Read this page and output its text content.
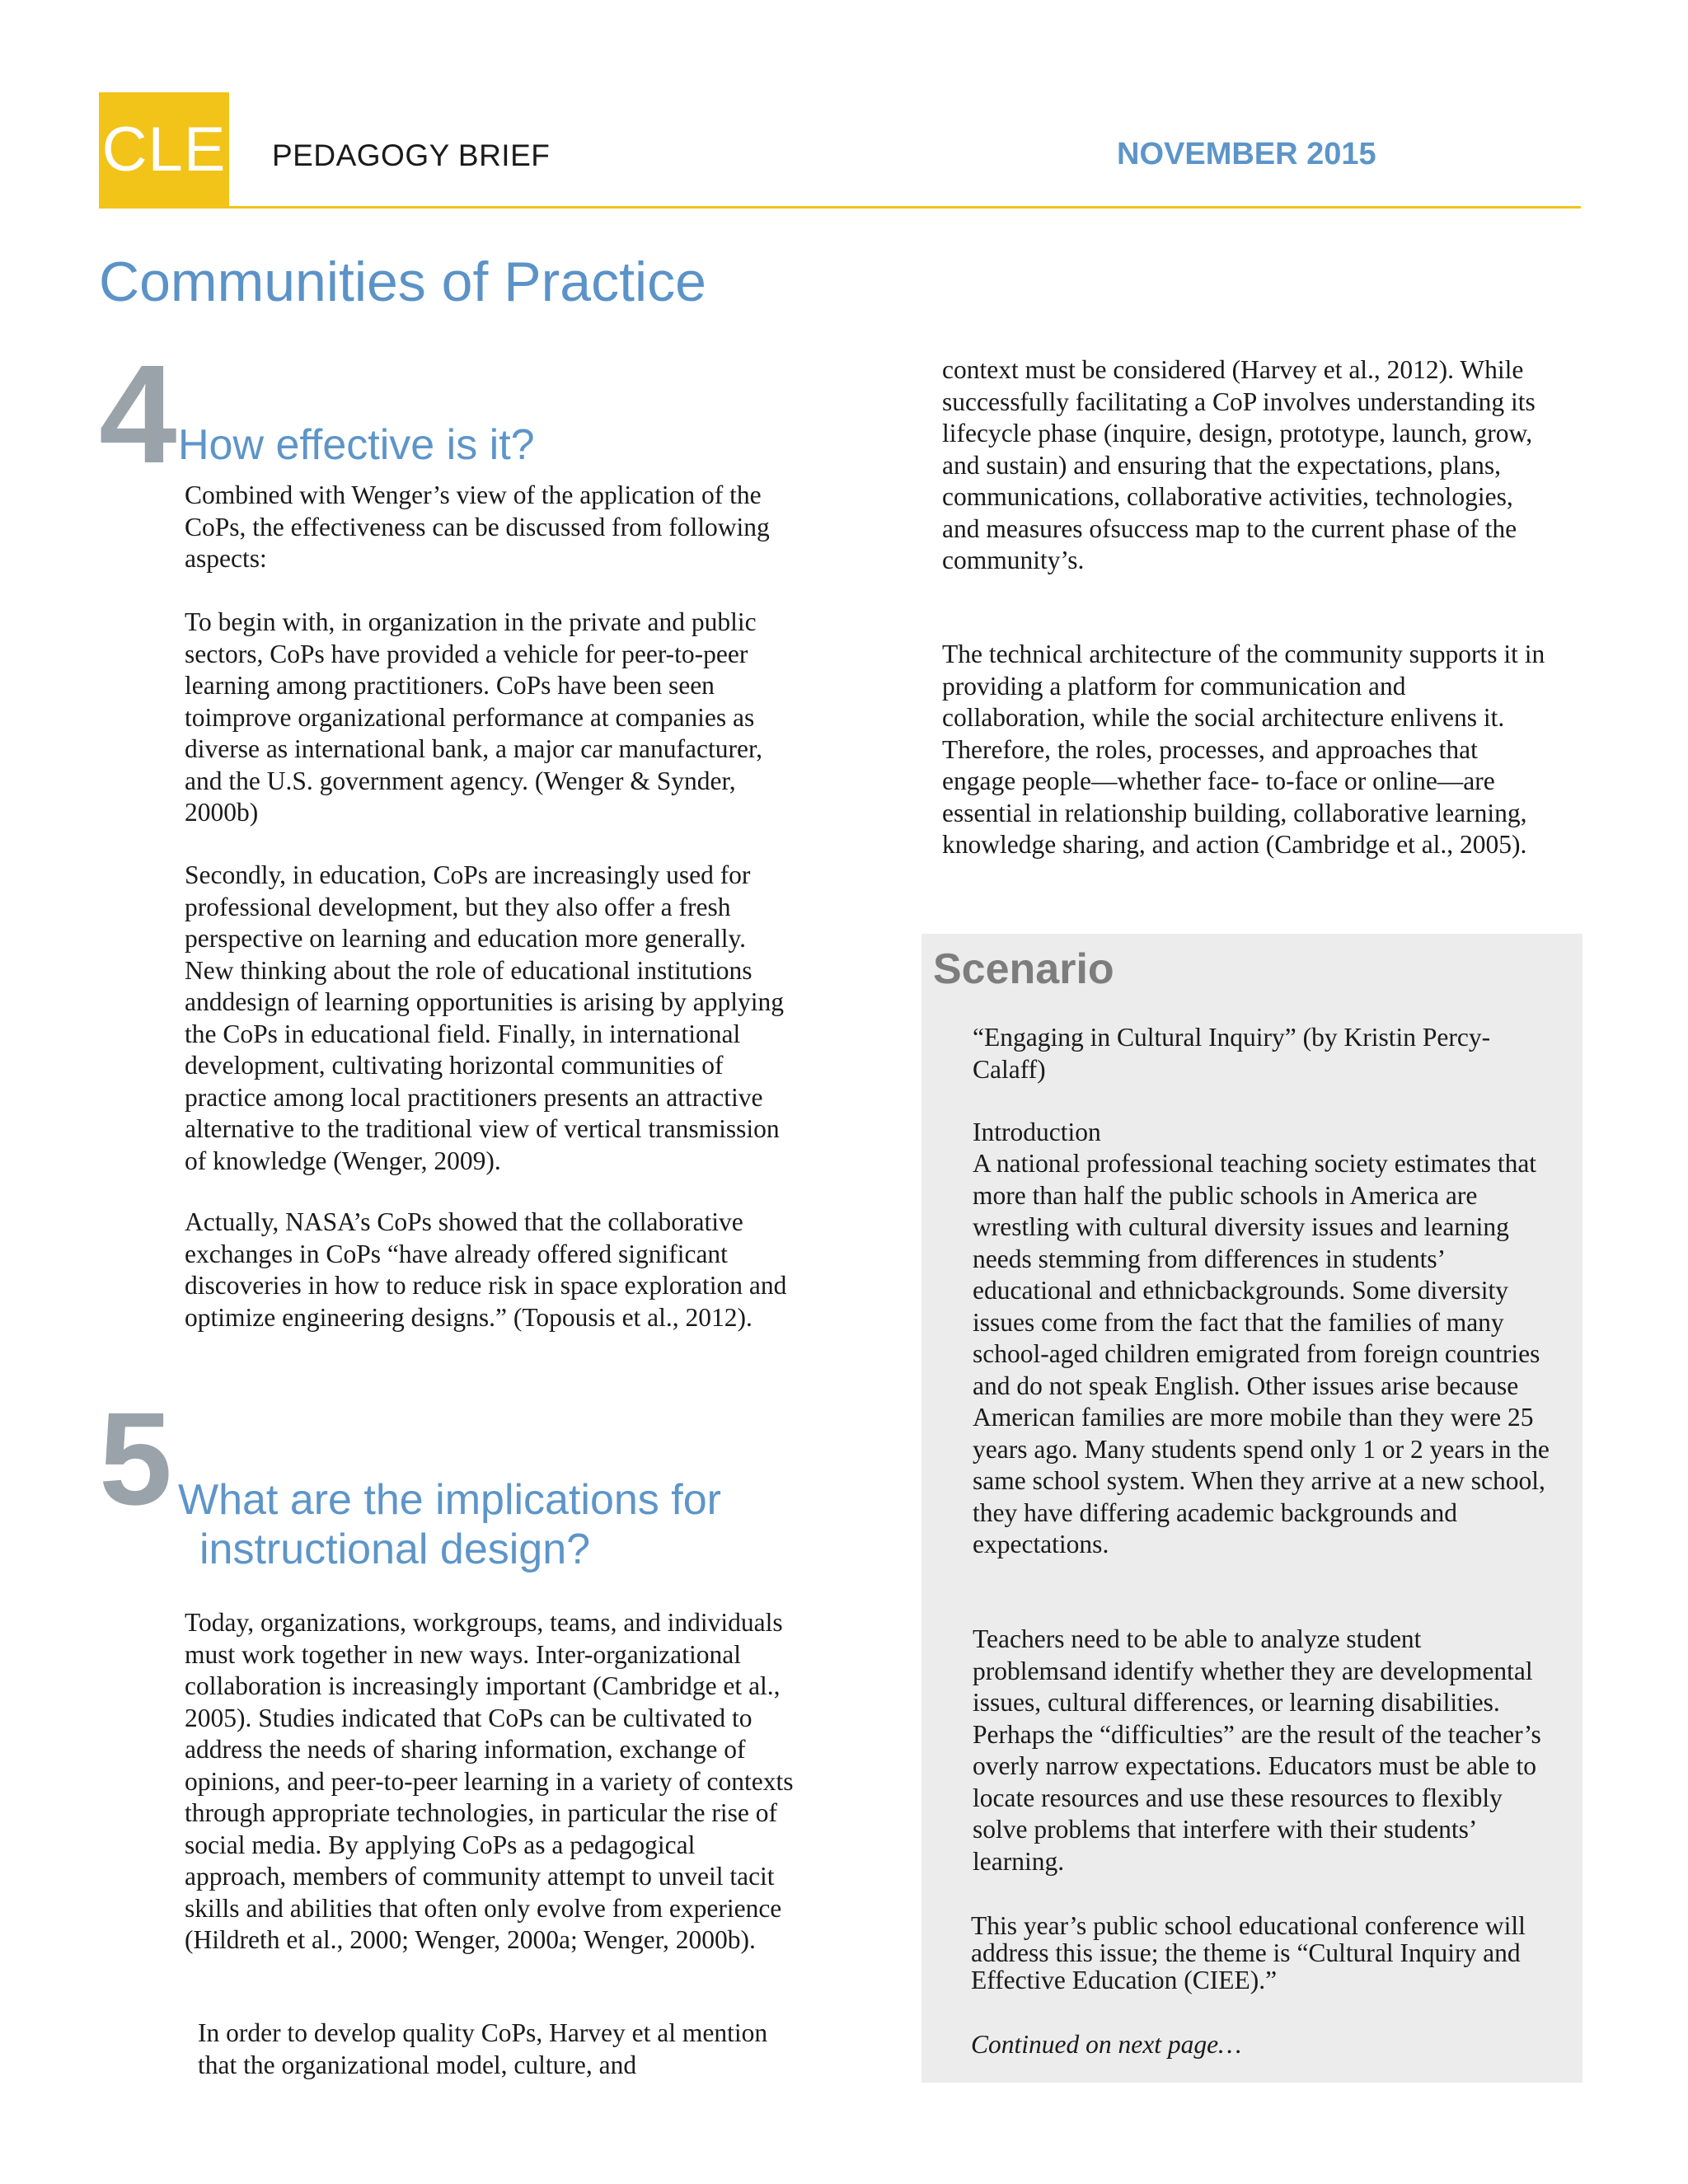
CLE PEDAGOGY BRIEF	NOVEMBER 2015
Communities of Practice
4 How effective is it?

Combined with Wenger’s view of the application of the CoPs, the effectiveness can be discussed from following aspects:

To begin with, in organization in the private and public sectors, CoPs have provided a vehicle for peer-to-peer learning among practitioners. CoPs have been seen toimprove organizational performance at companies as diverse as international bank, a major car manufacturer, and the U.S. government agency. (Wenger & Synder, 2000b)

Secondly, in education, CoPs are increasingly used for professional development, but they also offer a fresh perspective on learning and education more generally. New thinking about the role of educational institutions anddesign of learning opportunities is arising by applying the CoPs in educational field. Finally, in international development, cultivating horizontal communities of practice among local practitioners presents an attractive alternative to the traditional view of vertical transmission of knowledge (Wenger, 2009).

Actually, NASA’s CoPs showed that the collaborative exchanges in CoPs “have already offered significant discoveries in how to reduce risk in space exploration and optimize engineering designs.” (Topousis et al., 2012).

5 What are the implications for
instructional design?

Today, organizations, workgroups, teams, and individuals must work together in new ways. Inter-organizational collaboration is increasingly important (Cambridge et al., 2005). Studies indicated that CoPs can be cultivated to address the needs of sharing information, exchange of opinions, and peer-to-peer learning in a variety of contexts through appropriate technologies, in particular the rise of social media. By applying CoPs as a pedagogical approach, members of community attempt to unveil tacit skills and abilities that often only evolve from experience (Hildreth et al., 2000; Wenger, 2000a; Wenger, 2000b).

In order to develop quality CoPs, Harvey et al mention that the organizational model, culture, and

context must be considered (Harvey et al., 2012). While successfully facilitating a CoP involves understanding its lifecycle phase (inquire, design, prototype, launch, grow, and sustain) and ensuring that the expectations, plans, communications, collaborative activities, technologies, and measures ofsuccess map to the current phase of the community’s.

The technical architecture of the community supports it in providing a platform for communication and collaboration, while the social architecture enlivens it. Therefore, the roles, processes, and approaches that engage people—whether face- to-face or online—are essential in relationship building, collaborative learning, knowledge sharing, and action (Cambridge et al., 2005).

Scenario

“Engaging in Cultural Inquiry” (by Kristin Percy-Calaff)

Introduction

A national professional teaching society estimates that more than half the public schools in America are wrestling with cultural diversity issues and learning needs stemming from differences in students’ educational and ethnicbackgrounds. Some diversity issues come from the fact that the families of many school-aged children emigrated from foreign countries and do not speak English. Other issues arise because American families are more mobile than they were 25 years ago. Many students spend only 1 or 2 years in the same school system. When they arrive at a new school, they have differing academic backgrounds and expectations.

Teachers need to be able to analyze student problemsand identify whether they are developmental issues, cultural differences, or learning disabilities. Perhaps the “difficulties” are the result of the teacher’s overly narrow expectations. Educators must be able to locate resources and use these resources to flexibly solve problems that interfere with their students’ learning.

This year’s public school educational conference will address this issue; the theme is “Cultural Inquiry and Effective Education (CIEE).”

Continued on next page…
